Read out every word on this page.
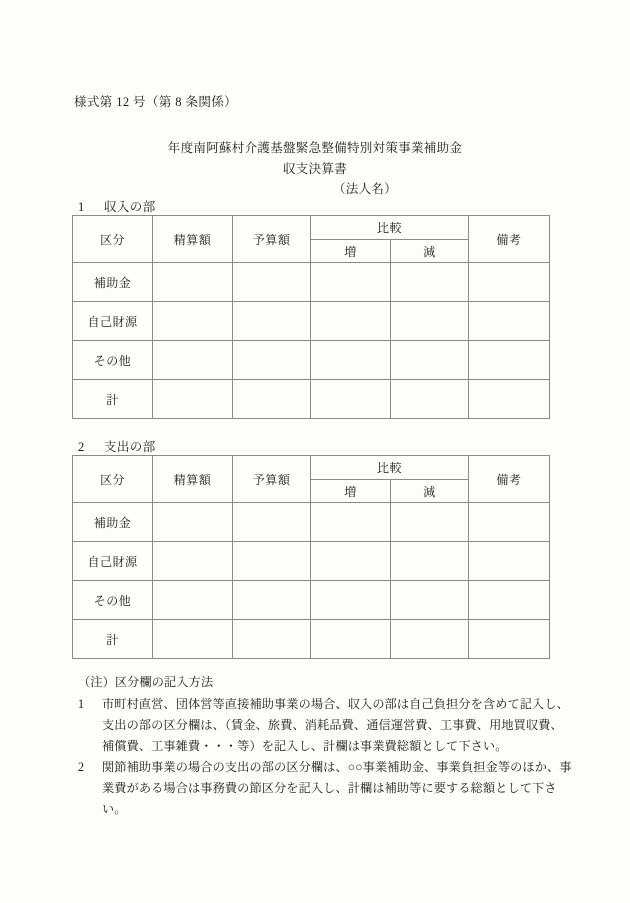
様式第 12 号（第 8 条関係）
年度南阿蘇村介護基盤緊急整備特別対策事業補助金
収支決算書
（法人名）
1 収入の部
区分	精算額	予算額	比較		備考
			増	減	
補助金					
自己財源					
その他					
計					
2 支出の部
区分	精算額	予算額	比較		備考
			増	減	
補助金					
自己財源					
その他					
計					

（注）区分欄の記入方法

1	市町村直営、団体営等直接補助事業の場合、収入の部は自己負担分を含めて記入し、支出の部の区分欄は、（賃金、旅費、消耗品費、通信運営費、工事費、用地買収費、補償費、工事雑費・・・等）を記入し、計欄は事業費総額として下さい。
2	関節補助事業の場合の支出の部の区分欄は、○○事業補助金、事業負担金等のほか、事業費がある場合は事務費の節区分を記入し、計欄は補助等に要する総額として下さい。
